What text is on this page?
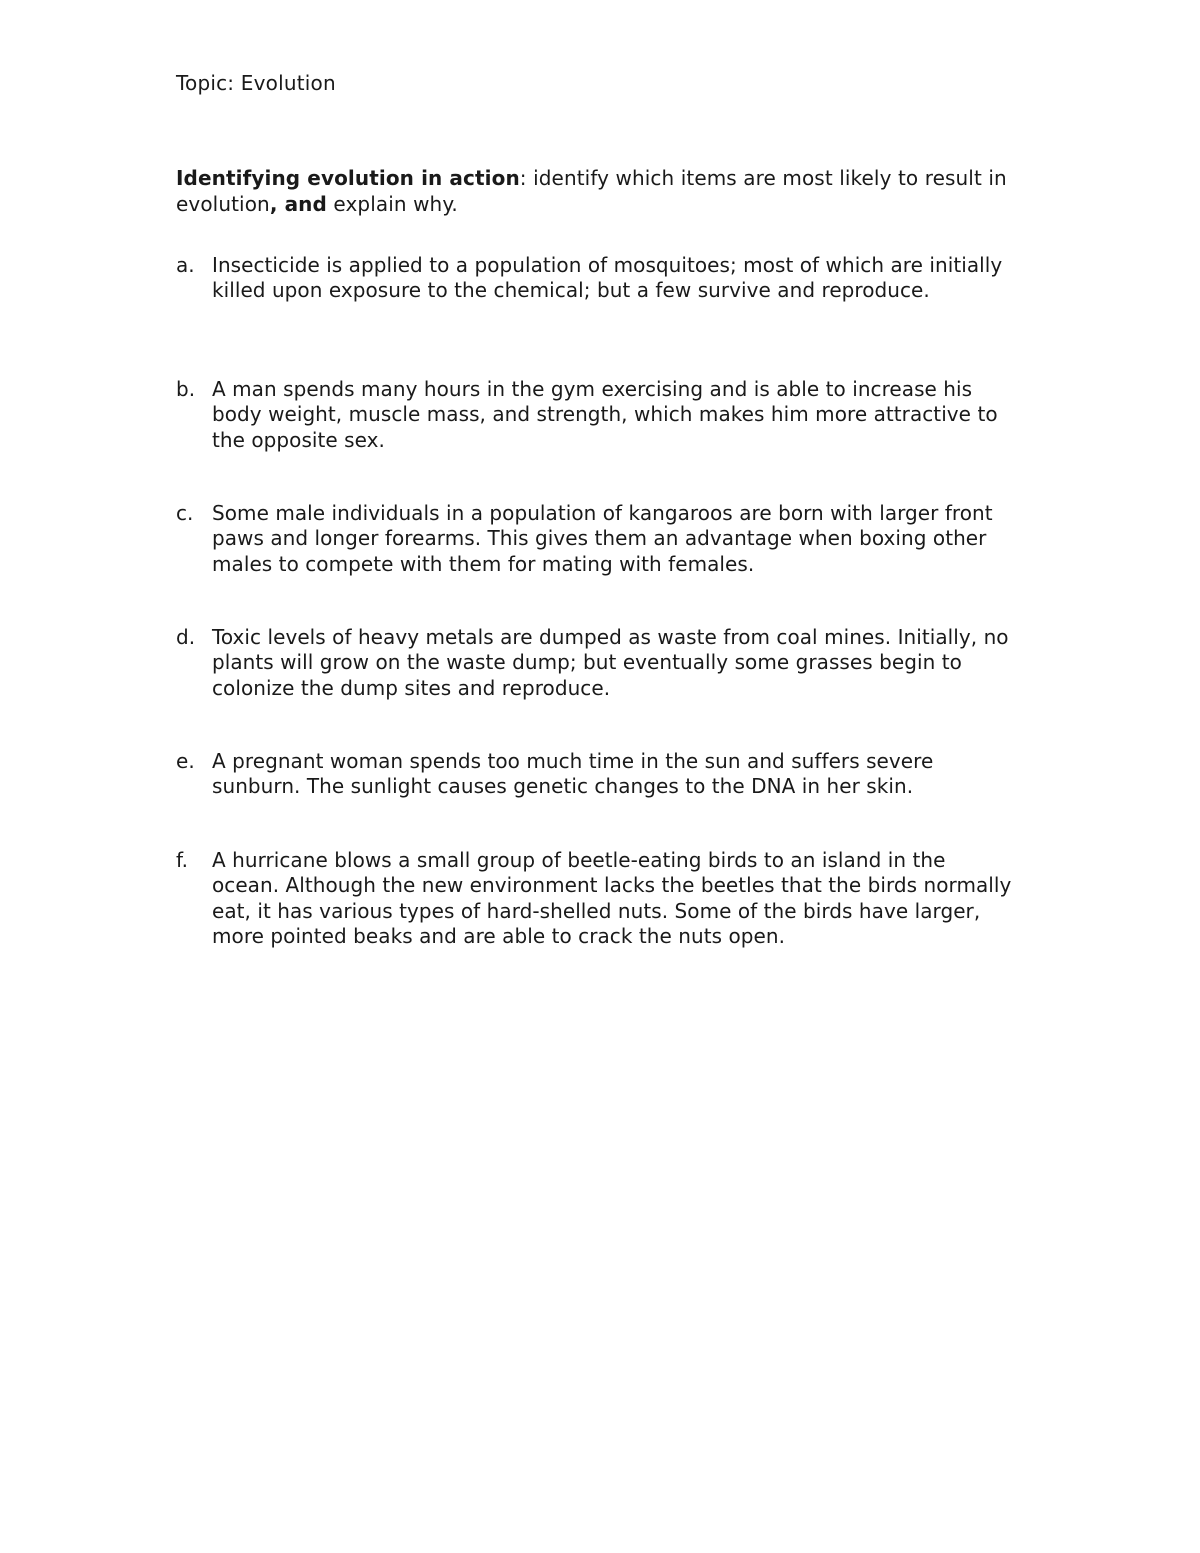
Topic: Evolution
Identifying evolution in action: identify which items are most likely to result in evolution, and explain why.
a. Insecticide is applied to a population of mosquitoes; most of which are initially killed upon exposure to the chemical; but a few survive and reproduce.
b. A man spends many hours in the gym exercising and is able to increase his body weight, muscle mass, and strength, which makes him more attractive to the opposite sex.
c. Some male individuals in a population of kangaroos are born with larger front paws and longer forearms. This gives them an advantage when boxing other males to compete with them for mating with females.
d. Toxic levels of heavy metals are dumped as waste from coal mines. Initially, no plants will grow on the waste dump; but eventually some grasses begin to colonize the dump sites and reproduce.
e. A pregnant woman spends too much time in the sun and suffers severe sunburn. The sunlight causes genetic changes to the DNA in her skin.
f. A hurricane blows a small group of beetle-eating birds to an island in the ocean. Although the new environment lacks the beetles that the birds normally eat, it has various types of hard-shelled nuts. Some of the birds have larger, more pointed beaks and are able to crack the nuts open.
